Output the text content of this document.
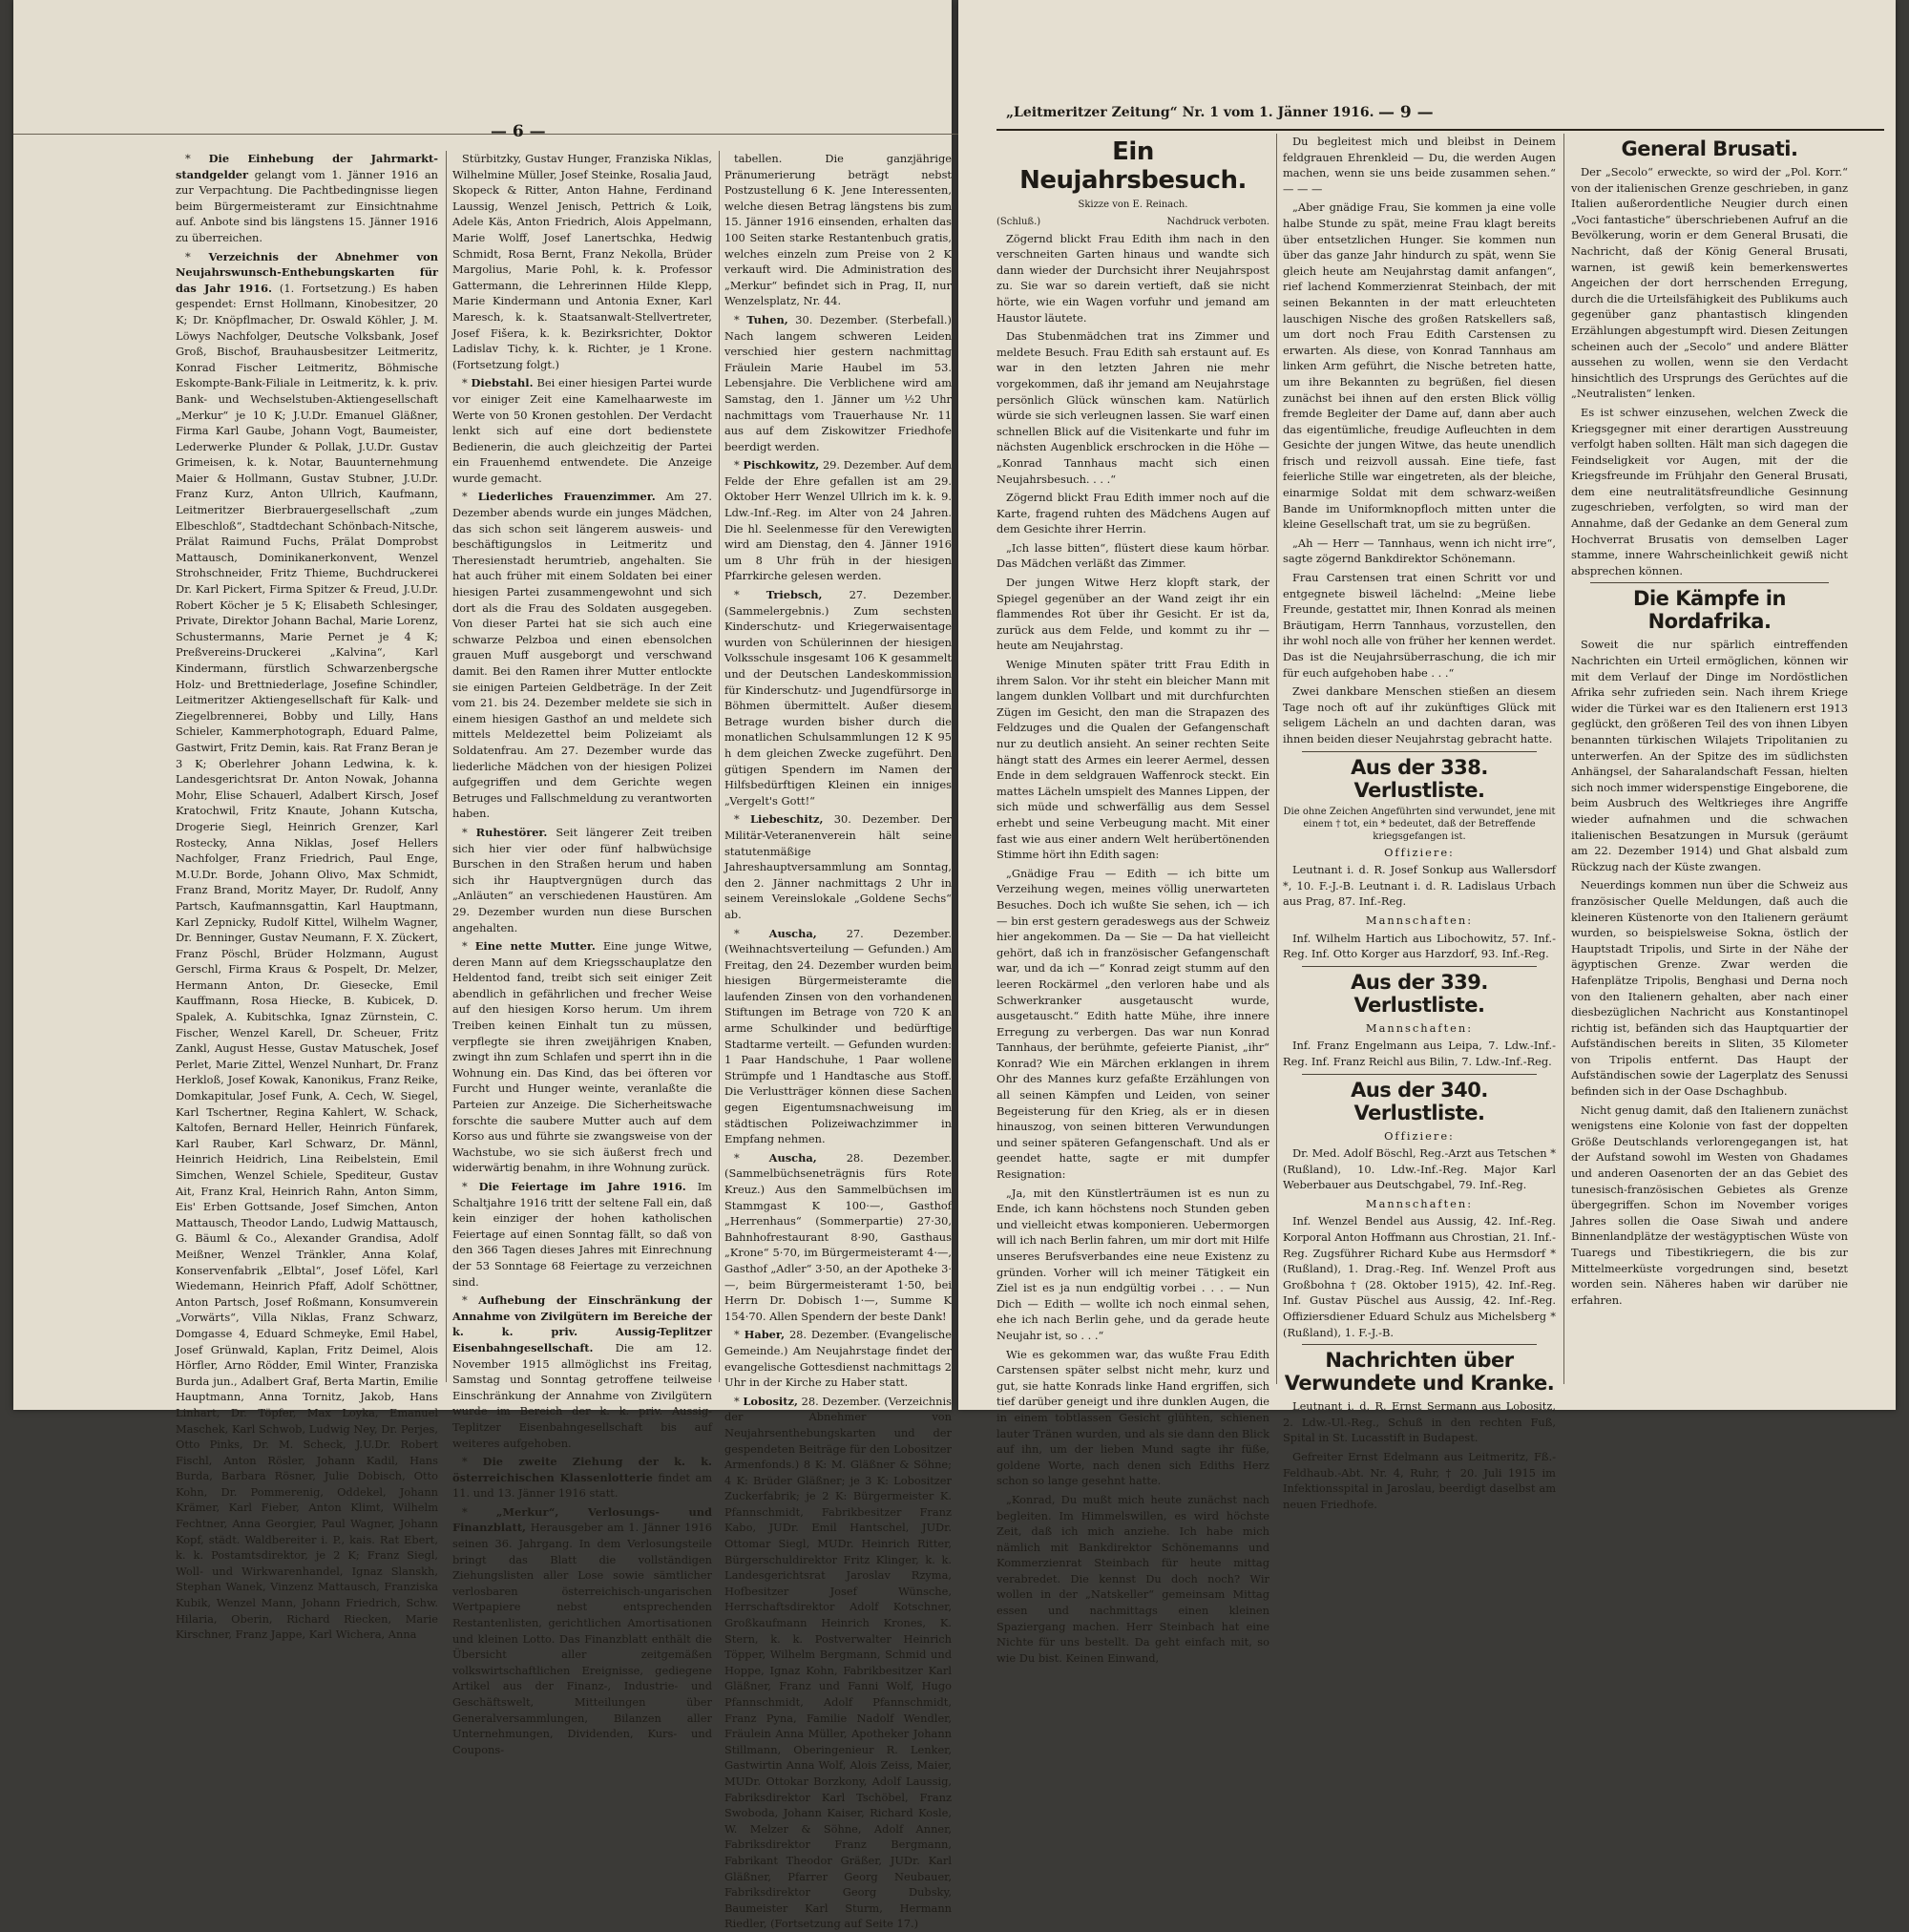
— 6 —

* Die Einhebung der Jahrmarkt-standgelder gelangt vom 1. Jänner 1916 an zur Verpachtung. Die Pachtbedingnisse liegen beim Bürgermeisteramt zur Einsichtnahme auf. Anbote sind bis längstens 15. Jänner 1916 zu überreichen.

* Verzeichnis der Abnehmer von Neujahrswunsch-Enthebungskarten für das Jahr 1916. (1. Fortsetzung.) Es haben gespendet: Ernst Hollmann, Kinobesitzer, 20 K; Dr. Knöpflmacher, Dr. Oswald Köhler, J. M. Löwys Nachfolger, Deutsche Volksbank, Josef Groß, Bischof, Brauhausbesitzer Leitmeritz, Konrad Fischer Leitmeritz, Böhmische Eskompte-Bank-Filiale in Leitmeritz, k. k. priv. Bank- und Wechselstuben-Aktiengesellschaft „Merkur“ je 10 K; J.U.Dr. Emanuel Gläßner, Firma Karl Gaube, Johann Vogt, Baumeister, Lederwerke Plunder & Pollak, J.U.Dr. Gustav Grimeisen, k. k. Notar, Bauunternehmung Maier & Hollmann, Gustav Stubner, J.U.Dr. Franz Kurz, Anton Ullrich, Kaufmann, Leitmeritzer Bierbrauergesellschaft „zum Elbeschloß“, Stadtdechant Schönbach-Nitsche, Prälat Raimund Fuchs, Prälat Domprobst Mattausch, Dominikanerkonvent, Wenzel Strohschneider, Fritz Thieme, Buchdruckerei Dr. Karl Pickert, Firma Spitzer & Freud, J.U.Dr. Robert Köcher je 5 K; Elisabeth Schlesinger, Private, Direktor Johann Bachal, Marie Lorenz, Schustermanns, Marie Pernet je 4 K; Preßvereins-Druckerei „Kalvina“, Karl Kindermann, fürstlich Schwarzenbergsche Holz- und Brettniederlage, Josefine Schindler, Leitmeritzer Aktiengesellschaft für Kalk- und Ziegelbrennerei, Bobby und Lilly, Hans Schieler, Kammerphotograph, Eduard Palme, Gastwirt, Fritz Demin, kais. Rat Franz Beran je 3 K; Oberlehrer Johann Ledwina, k. k. Landesgerichtsrat Dr. Anton Nowak, Johanna Mohr, Elise Schauerl, Adalbert Kirsch, Josef Kratochwil, Fritz Knaute, Johann Kutscha, Drogerie Siegl, Heinrich Grenzer, Karl Rostecky, Anna Niklas, Josef Hellers Nachfolger, Franz Friedrich, Paul Enge, M.U.Dr. Borde, Johann Olivo, Max Schmidt, Franz Brand, Moritz Mayer, Dr. Rudolf, Anny Partsch, Kaufmannsgattin, Karl Hauptmann, Karl Zepnicky, Rudolf Kittel, Wilhelm Wagner, Dr. Benninger, Gustav Neumann, F. X. Zückert, Franz Pöschl, Brüder Holzmann, August Gerschl, Firma Kraus & Pospelt, Dr. Melzer, Hermann Anton, Dr. Giesecke, Emil Kauffmann, Rosa Hiecke, B. Kubicek, D. Spalek, A. Kubitschka, Ignaz Zürnstein, C. Fischer, Wenzel Karell, Dr. Scheuer, Fritz Zankl, August Hesse, Gustav Matuschek, Josef Perlet, Marie Zittel, Wenzel Nunhart, Dr. Franz Herkloß, Josef Kowak, Kanonikus, Franz Reike, Domkapitular, Josef Funk, A. Cech, W. Siegel, Karl Tschertner, Regina Kahlert, W. Schack, Kaltofen, Bernard Heller, Heinrich Fünfarek, Karl Rauber, Karl Schwarz, Dr. Männl, Heinrich Heidrich, Lina Reibelstein, Emil Simchen, Wenzel Schiele, Spediteur, Gustav Ait, Franz Kral, Heinrich Rahn, Anton Simm, Eis' Erben Gottsande, Josef Simchen, Anton Mattausch, Theodor Lando, Ludwig Mattausch, G. Bäuml & Co., Alexander Grandisa, Adolf Meißner, Wenzel Tränkler, Anna Kolaf, Konservenfabrik „Elbtal“, Josef Löfel, Karl Wiedemann, Heinrich Pfaff, Adolf Schöttner, Anton Partsch, Josef Roßmann, Konsumverein „Vorwärts“, Villa Niklas, Franz Schwarz, Domgasse 4, Eduard Schmeyke, Emil Habel, Josef Grünwald, Kaplan, Fritz Deimel, Alois Hörfler, Arno Rödder, Emil Winter, Franziska Burda jun., Adalbert Graf, Berta Martin, Emilie Hauptmann, Anna Tornitz, Jakob, Hans Linhart, Dr. Töpfer, Max Loyka, Emanuel Maschek, Karl Schwob, Ludwig Ney, Dr. Perjes, Otto Pinks, Dr. M. Scheck, J.U.Dr. Robert Fischl, Anton Rösler, Johann Kadil, Hans Burda, Barbara Rösner, Julie Dobisch, Otto Kohn, Dr. Pommerenig, Oddekel, Johann Krämer, Karl Fieber, Anton Klimt, Wilhelm Fechtner, Anna Georgier, Paul Wagner, Johann Kopf, städt. Waldbereiter i. P., kais. Rat Ebert, k. k. Postamtsdirektor, je 2 K; Franz Siegl, Woll- und Wirkwarenhandel, Ignaz Slanskh, Stephan Wanek, Vinzenz Mattausch, Franziska Kubik, Wenzel Mann, Johann Friedrich, Schw. Hilaria, Oberin, Richard Riecken, Marie Kirschner, Franz Jappe, Karl Wichera, Anna

Stürbitzky, Gustav Hunger, Franziska Niklas, Wilhelmine Müller, Josef Steinke, Rosalia Jaud, Skopeck & Ritter, Anton Hahne, Ferdinand Laussig, Wenzel Jenisch, Pettrich & Loik, Adele Käs, Anton Friedrich, Alois Appelmann, Marie Wolff, Josef Lanertschka, Hedwig Schmidt, Rosa Bernt, Franz Nekolla, Brüder Margolius, Marie Pohl, k. k. Professor Gattermann, die Lehrerinnen Hilde Klepp, Marie Kindermann und Antonia Exner, Karl Maresch, k. k. Staatsanwalt-Stellvertreter, Josef Fišera, k. k. Bezirksrichter, Doktor Ladislav Tichy, k. k. Richter, je 1 Krone. (Fortsetzung folgt.)

* Diebstahl. Bei einer hiesigen Partei wurde vor einiger Zeit eine Kamelhaarweste im Werte von 50 Kronen gestohlen. Der Verdacht lenkt sich auf eine dort bedienstete Bedienerin, die auch gleichzeitig der Partei ein Frauenhemd entwendete. Die Anzeige wurde gemacht.

* Liederliches Frauenzimmer. Am 27. Dezember abends wurde ein junges Mädchen, das sich schon seit längerem ausweis- und beschäftigungslos in Leitmeritz und Theresienstadt herumtrieb, angehalten. Sie hat auch früher mit einem Soldaten bei einer hiesigen Partei zusammengewohnt und sich dort als die Frau des Soldaten ausgegeben. Von dieser Partei hat sie sich auch eine schwarze Pelzboa und einen ebensolchen grauen Muff ausgeborgt und verschwand damit. Bei den Ramen ihrer Mutter entlockte sie einigen Parteien Geldbeträge. In der Zeit vom 21. bis 24. Dezember meldete sie sich in einem hiesigen Gasthof an und meldete sich mittels Meldezettel beim Polizeiamt als Soldatenfrau. Am 27. Dezember wurde das liederliche Mädchen von der hiesigen Polizei aufgegriffen und dem Gerichte wegen Betruges und Fallschmeldung zu verantworten haben.

* Ruhestörer. Seit längerer Zeit treiben sich hier vier oder fünf halbwüchsige Burschen in den Straßen herum und haben sich ihr Hauptvergnügen durch das „Anläuten“ an verschiedenen Haustüren. Am 29. Dezember wurden nun diese Burschen angehalten.

* Eine nette Mutter. Eine junge Witwe, deren Mann auf dem Kriegsschauplatze den Heldentod fand, treibt sich seit einiger Zeit abendlich in gefährlichen und frecher Weise auf den hiesigen Korso herum. Um ihrem Treiben keinen Einhalt tun zu müssen, verpflegte sie ihren zweijährigen Knaben, zwingt ihn zum Schlafen und sperrt ihn in die Wohnung ein. Das Kind, das bei öfteren vor Furcht und Hunger weinte, veranlaßte die Parteien zur Anzeige. Die Sicherheitswache forschte die saubere Mutter auch auf dem Korso aus und führte sie zwangsweise von der Wachstube, wo sie sich äußerst frech und widerwärtig benahm, in ihre Wohnung zurück.

* Die Feiertage im Jahre 1916. Im Schaltjahre 1916 tritt der seltene Fall ein, daß kein einziger der hohen katholischen Feiertage auf einen Sonntag fällt, so daß von den 366 Tagen dieses Jahres mit Einrechnung der 53 Sonntage 68 Feiertage zu verzeichnen sind.

* Aufhebung der Einschränkung der Annahme von Zivilgütern im Bereiche der k. k. priv. Aussig-Teplitzer Eisenbahngesellschaft. Die am 12. November 1915 allmöglichst ins Freitag, Samstag und Sonntag getroffene teilweise Einschränkung der Annahme von Zivilgütern wurde im Bereich der k. k. priv. Aussig-Teplitzer Eisenbahngesellschaft bis auf weiteres aufgehoben.

* Die zweite Ziehung der k. k. österreichischen Klassenlotterie findet am 11. und 13. Jänner 1916 statt.

* „Merkur“, Verlosungs- und Finanzblatt, Herausgeber am 1. Jänner 1916 seinen 36. Jahrgang. In dem Verlosungsteile bringt das Blatt die vollständigen Ziehungslisten aller Lose sowie sämtlicher verlosbaren österreichisch-ungarischen Wertpapiere nebst entsprechenden Restantenlisten, gerichtlichen Amortisationen und kleinen Lotto. Das Finanzblatt enthält die Übersicht aller zeitgemäßen volkswirtschaftlichen Ereignisse, gediegene Artikel aus der Finanz-, Industrie- und Geschäftswelt, Mitteilungen über Generalversammlungen, Bilanzen aller Unternehmungen, Dividenden, Kurs- und Coupons-

tabellen. Die ganzjährige Pränumerierung beträgt nebst Postzustellung 6 K. Jene Interessenten, welche diesen Betrag längstens bis zum 15. Jänner 1916 einsenden, erhalten das 100 Seiten starke Restantenbuch gratis, welches einzeln zum Preise von 2 K verkauft wird. Die Administration des „Merkur“ befindet sich in Prag, II, nur Wenzelsplatz, Nr. 44.

* Tuhen, 30. Dezember. (Sterbefall.) Nach langem schweren Leiden verschied hier gestern nachmittag Fräulein Marie Haubel im 53. Lebensjahre. Die Verblichene wird am Samstag, den 1. Jänner um ½2 Uhr nachmittags vom Trauerhause Nr. 11 aus auf dem Ziskowitzer Friedhofe beerdigt werden.

* Pischkowitz, 29. Dezember. Auf dem Felde der Ehre gefallen ist am 29. Oktober Herr Wenzel Ullrich im k. k. 9. Ldw.-Inf.-Reg. im Alter von 24 Jahren. Die hl. Seelenmesse für den Verewigten wird am Dienstag, den 4. Jänner 1916 um 8 Uhr früh in der hiesigen Pfarrkirche gelesen werden.

* Triebsch, 27. Dezember. (Sammelergebnis.) Zum sechsten Kinderschutz- und Kriegerwaisentage wurden von Schülerinnen der hiesigen Volksschule insgesamt 106 K gesammelt und der Deutschen Landeskommission für Kinderschutz- und Jugendfürsorge in Böhmen übermittelt. Außer diesem Betrage wurden bisher durch die monatlichen Schulsammlungen 12 K 95 h dem gleichen Zwecke zugeführt. Den gütigen Spendern im Namen der Hilfsbedürftigen Kleinen ein inniges „Vergelt's Gott!“

* Liebeschitz, 30. Dezember. Der Militär-Veteranenverein hält seine statutenmäßige Jahreshauptversammlung am Sonntag, den 2. Jänner nachmittags 2 Uhr in seinem Vereinslokale „Goldene Sechs“ ab.

* Auscha,	27. Dezember. (Weihnachtsverteilung — Gefunden.) Am Freitag, den 24. Dezember wurden beim hiesigen Bürgermeisteramte die laufenden Zinsen von den vorhandenen Stiftungen im Betrage von 720 K an arme Schulkinder und bedürftige Stadtarme verteilt. — Gefunden wurden: 1 Paar Handschuhe, 1 Paar wollene Strümpfe und 1 Handtasche aus Stoff. Die Verlustträger können diese Sachen gegen Eigentumsnachweisung im städtischen Polizeiwachzimmer in Empfang nehmen.

* Auscha,	28. Dezember. (Sammelbüchseneträgnis fürs Rote Kreuz.) Aus den Sammelbüchsen im Stammgast K 100·—, Gasthof „Herrenhaus“ (Sommerpartie) 27·30, Bahnhofrestaurant 8·90, Gasthaus „Krone“ 5·70, im Bürgermeisteramt 4·—, Gasthof „Adler“ 3·50, an der Apotheke 3·—, beim Bürgermeisteramt 1·50, bei Herrn Dr. Dobisch 1·—, Summe K 154·70. Allen Spendern der beste Dank!

* Haber, 28. Dezember. (Evangelische Gemeinde.) Am Neujahrstage findet der evangelische Gottesdienst nachmittags 2 Uhr in der Kirche zu Haber statt.

* Lobositz, 28. Dezember. (Verzeichnis der Abnehmer von Neujahrsenthebungskarten und der gespendeten Beiträge für den Lobositzer Armenfonds.) 8 K: M. Gläßner & Söhne; 4 K: Brüder Gläßner; je 3 K: Lobositzer Zuckerfabrik; je 2 K: Bürgermeister K. Pfannschmidt, Fabrikbesitzer Franz Kabo, JUDr. Emil Hantschel, JUDr. Ottomar Siegl, MUDr. Heinrich Ritter, Bürgerschuldirektor Fritz Klinger, k. k. Landesgerichtsrat Jaroslav Rzyma, Hofbesitzer Josef Wünsche, Herrschaftsdirektor Adolf Kotschner, Großkaufmann Heinrich Krones, K. Stern, k. k. Postverwalter Heinrich Töpper, Wilhelm Bergmann, Schmid und Hoppe, Ignaz Kohn, Fabrikbesitzer Karl Gläßner, Franz und Fanni Wolf, Hugo Pfannschmidt, Adolf Pfannschmidt, Franz Pyna, Familie Nadolf Wendler, Fräulein Anna Müller, Apotheker Johann Stillmann, Oberingenieur R. Lenker, Gastwirtin Anna Wolf, Alois Zeiss, Maier, MUDr. Ottokar Borzkony, Adolf Laussig, Fabriksdirektor Karl Tschöbel, Franz Swoboda, Johann Kaiser, Richard Kosle, W. Melzer & Söhne, Adolf Anner, Fabriksdirektor Franz Bergmann, Fabrikant Theodor Gräßer, JUDr. Karl Gläßner, Pfarrer Georg Neubauer, Fabriksdirektor Georg Dubsky, Baumeister Karl Sturm, Hermann Riedler, (Fortsetzung auf Seite 17.)

„Leitmeritzer Zeitung“ Nr. 1 vom 1. Jänner 1916. — 9 —
Ein Neujahrsbesuch.
Skizze von E. Reinach.
(Schluß.)	Nachdruck verboten.

Zögernd blickt Frau Edith ihm nach in den verschneiten Garten hinaus und wandte sich dann wieder der Durchsicht ihrer Neujahrspost zu. Sie war so darein vertieft, daß sie nicht hörte, wie ein Wagen vorfuhr und jemand am Haustor läutete.

Das Stubenmädchen trat ins Zimmer und meldete Besuch. Frau Edith sah erstaunt auf. Es war in den letzten Jahren nie mehr vorgekommen, daß ihr jemand am Neujahrstage persönlich Glück wünschen kam. Natürlich würde sie sich verleugnen lassen. Sie warf einen schnellen Blick auf die Visitenkarte und fuhr im nächsten Augenblick erschrocken in die Höhe — „Konrad Tannhaus macht sich einen Neujahrsbesuch. . . .“

Zögernd blickt Frau Edith immer noch auf die Karte, fragend ruhten des Mädchens Augen auf dem Gesichte ihrer Herrin.

„Ich lasse bitten“, flüstert diese kaum hörbar. Das Mädchen verläßt das Zimmer.

Der jungen Witwe Herz klopft stark, der Spiegel gegenüber an der Wand zeigt ihr ein flammendes Rot über ihr Gesicht. Er ist da, zurück aus dem Felde, und kommt zu ihr — heute am Neujahrstag.

Wenige Minuten später tritt Frau Edith in ihrem Salon. Vor ihr steht ein bleicher Mann mit langem dunklen Vollbart und mit durchfurchten Zügen im Gesicht, den man die Strapazen des Feldzuges und die Qualen der Gefangenschaft nur zu deutlich ansieht. An seiner rechten Seite hängt statt des Armes ein leerer Aermel, dessen Ende in dem seldgrauen Waffenrock steckt. Ein mattes Lächeln umspielt des Mannes Lippen, der sich müde und schwerfällig aus dem Sessel erhebt und seine Verbeugung macht. Mit einer fast wie aus einer andern Welt herübertönenden Stimme hört ihn Edith sagen:

„Gnädige Frau — Edith — ich bitte um Verzeihung wegen, meines völlig unerwarteten Besuches. Doch ich wußte Sie sehen, ich — ich — bin erst gestern geradeswegs aus der Schweiz hier angekommen. Da — Sie — Da hat vielleicht gehört, daß ich in französischer Gefangenschaft war, und da ich —“ Konrad zeigt stumm auf den leeren Rockärmel „den verloren habe und als Schwerkranker ausgetauscht wurde, ausgetauscht.“ Edith hatte Mühe, ihre innere Erregung zu verbergen. Das war nun Konrad Tannhaus, der berühmte, gefeierte Pianist, „ihr“ Konrad? Wie ein Märchen erklangen in ihrem Ohr des Mannes kurz gefaßte Erzählungen von all seinen Kämpfen und Leiden, von seiner Begeisterung für den Krieg, als er in diesen hinauszog, von seinen bitteren Verwundungen und seiner späteren Gefangenschaft. Und als er geendet hatte, sagte er mit dumpfer Resignation:

„Ja, mit den Künstlerträumen ist es nun zu Ende, ich kann höchstens noch Stunden geben und vielleicht etwas komponieren. Uebermorgen will ich nach Berlin fahren, um mir dort mit Hilfe unseres Berufsverbandes eine neue Existenz zu gründen. Vorher will ich meiner Tätigkeit ein Ziel ist es ja nun endgültig vorbei . . . — Nun Dich — Edith — wollte ich noch einmal sehen, ehe ich nach Berlin gehe, und da gerade heute Neujahr ist, so . . .“

Wie es gekommen war, das wußte Frau Edith Carstensen später selbst nicht mehr, kurz und gut, sie hatte Konrads linke Hand ergriffen, sich tief darüber geneigt und ihre dunklen Augen, die in einem tobtlassen Gesicht glühten, schienen lauter Tränen wurden, und als sie dann den Blick auf ihn, um der lieben Mund sagte ihr füße, goldene Worte, nach denen sich Ediths Herz schon so lange gesehnt hatte.

„Konrad, Du mußt mich heute zunächst nach begleiten. Im Himmelswillen, es wird höchste Zeit, daß ich mich anziehe. Ich habe mich nämlich mit Bankdirektor Schönemanns und Kommerzienrat Steinbach für heute mittag verabredet. Die kennst Du doch noch? Wir wollen in der „Natskeller“ gemeinsam Mittag essen und nachmittags einen kleinen Spaziergang machen. Herr Steinbach hat eine Nichte für uns bestellt. Da geht einfach mit, so wie Du bist. Keinen Einwand,

Du begleitest mich und bleibst in Deinem feldgrauen Ehrenkleid — Du, die werden Augen machen, wenn sie uns beide zusammen sehen.“ — — —

„Aber gnädige Frau, Sie kommen ja eine volle halbe Stunde zu spät, meine Frau klagt bereits über entsetzlichen Hunger. Sie kommen nun über das ganze Jahr hindurch zu spät, wenn Sie gleich heute am Neujahrstag damit anfangen“, rief lachend Kommerzienrat Steinbach, der mit seinen Bekannten in der matt erleuchteten lauschigen Nische des großen Ratskellers saß, um dort noch Frau Edith Carstensen zu erwarten. Als diese, von Konrad Tannhaus am linken Arm geführt, die Nische betreten hatte, um ihre Bekannten zu begrüßen, fiel diesen zunächst bei ihnen auf den ersten Blick völlig fremde Begleiter der Dame auf, dann aber auch das eigentümliche, freudige Aufleuchten in dem Gesichte der jungen Witwe, das heute unendlich frisch und reizvoll aussah. Eine tiefe, fast feierliche Stille war eingetreten, als der bleiche, einarmige Soldat mit dem schwarz-weißen Bande im Uniformknopfloch mitten unter die kleine Gesellschaft trat, um sie zu begrüßen.

„Ah — Herr — Tannhaus, wenn ich nicht irre“, sagte zögernd Bankdirektor Schönemann.

Frau Carstensen trat einen Schritt vor und entgegnete bisweil lächelnd: „Meine liebe Freunde, gestattet mir, Ihnen Konrad als meinen Bräutigam, Herrn Tannhaus, vorzustellen, den ihr wohl noch alle von früher her kennen werdet. Das ist die Neujahrsüberraschung, die ich mir für euch aufgehoben habe . . .“

Zwei dankbare Menschen stießen an diesem Tage noch oft auf ihr zukünftiges Glück mit seligem Lächeln an und dachten daran, was ihnen beiden dieser Neujahrstag gebracht hatte.

Aus der 338. Verlustliste.
Die ohne Zeichen Angeführten sind verwundet, jene mit einem † tot, ein * bedeutet, daß der Betreffende kriegsgefangen ist.
Offiziere:

Leutnant i. d. R. Josef Sonkup aus Wallersdorf *, 10. F.-J.-B. Leutnant i. d. R. Ladislaus Urbach aus Prag, 87. Inf.-Reg.

Mannschaften:

Inf. Wilhelm Hartich aus Libochowitz, 57. Inf.-Reg. Inf. Otto Korger aus Harzdorf, 93. Inf.-Reg.

Aus der 339. Verlustliste.
Mannschaften:

Inf. Franz Engelmann aus Leipa, 7. Ldw.-Inf.-Reg. Inf. Franz Reichl aus Bilin, 7. Ldw.-Inf.-Reg.

Aus der 340. Verlustliste.
Offiziere:

Dr. Med. Adolf Böschl, Reg.-Arzt aus Tetschen * (Rußland), 10. Ldw.-Inf.-Reg. Major Karl Weberbauer aus Deutschgabel, 79. Inf.-Reg.

Mannschaften:

Inf. Wenzel Bendel aus Aussig, 42. Inf.-Reg. Korporal Anton Hoffmann aus Chrostian, 21. Inf.-Reg. Zugsführer Richard Kube aus Hermsdorf * (Rußland), 1. Drag.-Reg. Inf. Wenzel Proft aus Großbohna † (28. Oktober 1915), 42. Inf.-Reg. Inf. Gustav Püschel aus Aussig, 42. Inf.-Reg. Offiziersdiener Eduard Schulz aus Michelsberg * (Rußland), 1. F.-J.-B.

Nachrichten über Verwundete und Kranke.

Leutnant i. d. R. Ernst Sermann aus Lobositz, 2. Ldw.-Ul.-Reg., Schuß in den rechten Fuß, Spital in St. Lucasstift in Budapest.

Gefreiter Ernst Edelmann aus Leitmeritz, Fß.-Feldhaub.-Abt. Nr. 4, Ruhr, † 20. Juli 1915 im Infektionsspital in Jaroslau, beerdigt daselbst am neuen Friedhofe.

General Brusati.

Der „Secolo“ erweckte, so wird der „Pol. Korr.“ von der italienischen Grenze geschrieben, in ganz Italien außerordentliche Neugier durch einen „Voci fantastiche“ überschriebenen Aufruf an die Bevölkerung, worin er dem General Brusati, die Nachricht, daß der König General Brusati, warnen, ist gewiß kein bemerkenswertes Angeichen der dort herrschenden Erregung, durch die die Urteilsfähigkeit des Publikums auch gegenüber ganz phantastisch klingenden Erzählungen abgestumpft wird. Diesen Zeitungen scheinen auch der „Secolo“ und andere Blätter aussehen zu wollen, wenn sie den Verdacht hinsichtlich des Ursprungs des Gerüchtes auf die „Neutralisten“ lenken.

Es ist schwer einzusehen, welchen Zweck die Kriegsgegner mit einer derartigen Ausstreuung verfolgt haben sollten. Hält man sich dagegen die Feindseligkeit vor Augen, mit der die Kriegsfreunde im Frühjahr den General Brusati, dem eine neutralitätsfreundliche Gesinnung zugeschrieben, verfolgten, so wird man der Annahme, daß der Gedanke an dem General zum Hochverrat Brusatis von demselben Lager stamme, innere Wahrscheinlichkeit gewiß nicht absprechen können.

Die Kämpfe in Nordafrika.

Soweit die nur spärlich eintreffenden Nachrichten ein Urteil ermöglichen, können wir mit dem Verlauf der Dinge im Nordöstlichen Afrika sehr zufrieden sein. Nach ihrem Kriege wider die Türkei war es den Italienern erst 1913 geglückt, den größeren Teil des von ihnen Libyen benannten türkischen Wilajets Tripolitanien zu unterwerfen. An der Spitze des im südlichsten Anhängsel, der Saharalandschaft Fessan, hielten sich noch immer widerspenstige Eingeborene, die beim Ausbruch des Weltkrieges ihre Angriffe wieder aufnahmen und die schwachen italienischen Besatzungen in Mursuk (geräumt am 22. Dezember 1914) und Ghat alsbald zum Rückzug nach der Küste zwangen.

Neuerdings kommen nun über die Schweiz aus französischer Quelle Meldungen, daß auch die kleineren Küstenorte von den Italienern geräumt wurden, so beispielsweise Sokna, östlich der Hauptstadt Tripolis, und Sirte in der Nähe der ägyptischen Grenze. Zwar werden die Hafenplätze Tripolis, Benghasi und Derna noch von den Italienern gehalten, aber nach einer diesbezüglichen Nachricht aus Konstantinopel richtig ist, befänden sich das Hauptquartier der Aufständischen bereits in Sliten, 35 Kilometer von Tripolis entfernt. Das Haupt der Aufständischen sowie der Lagerplatz des Senussi befinden sich in der Oase Dschaghbub.

Nicht genug damit, daß den Italienern zunächst wenigstens eine Kolonie von fast der doppelten Größe Deutschlands verlorengegangen ist, hat der Aufstand sowohl im Westen von Ghadames und anderen Oasenorten der an das Gebiet des tunesisch-französischen Gebietes als Grenze übergegriffen. Schon im November voriges Jahres sollen die Oase Siwah und andere Binnenlandplätze der westägyptischen Wüste von Tuaregs und Tibestikriegern, die bis zur Mittelmeerküste vorgedrungen sind, besetzt worden sein. Näheres haben wir darüber nie erfahren.
